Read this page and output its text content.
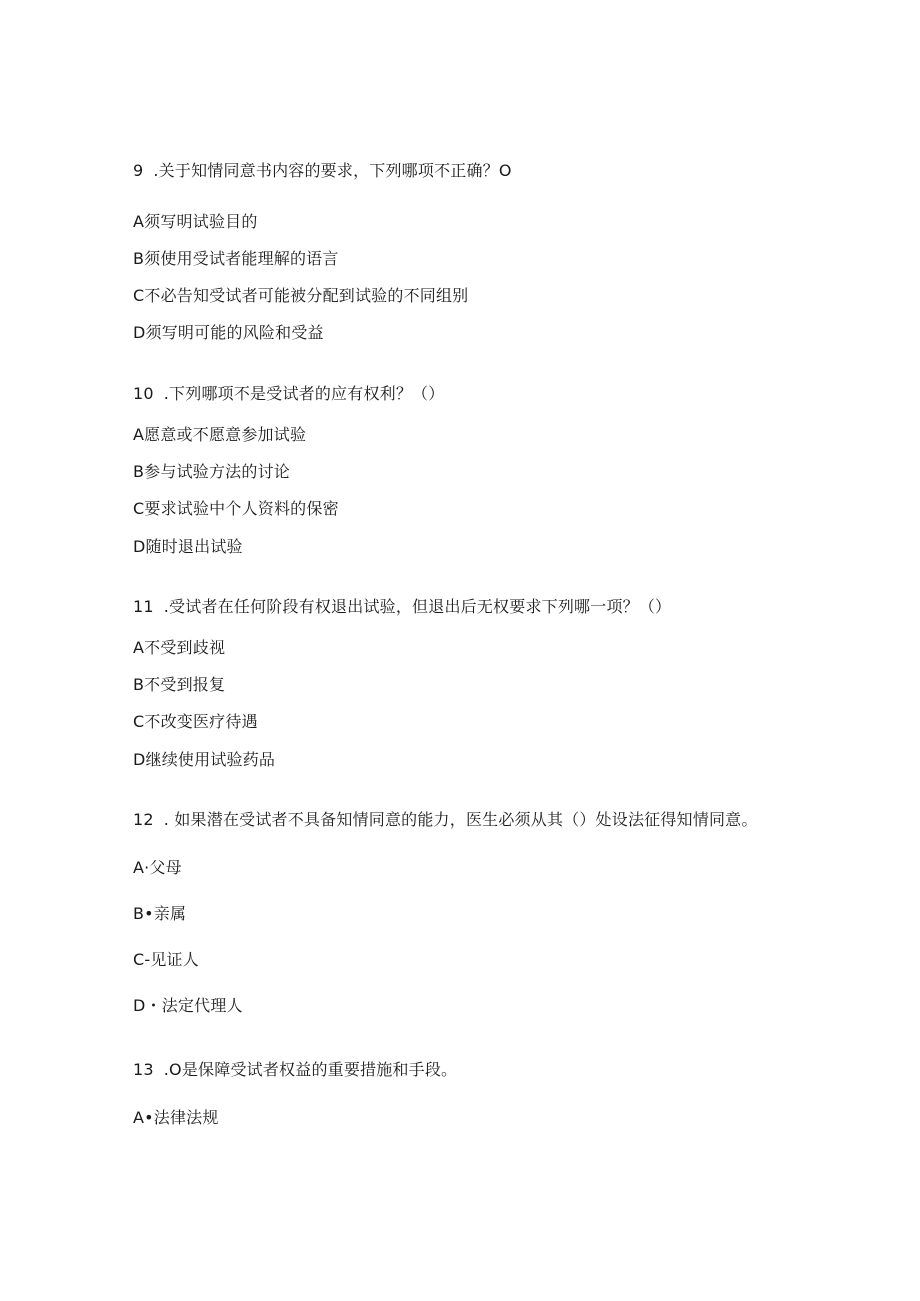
9 .关于知情同意书内容的要求，下列哪项不正确？O
A须写明试验目的
B须使用受试者能理解的语言
C不必告知受试者可能被分配到试验的不同组别
D须写明可能的风险和受益
10 .下列哪项不是受试者的应有权利？（）
A愿意或不愿意参加试验
B参与试验方法的讨论
C要求试验中个人资料的保密
D随时退出试验
11 .受试者在任何阶段有权退出试验，但退出后无权要求下列哪一项？（）
A不受到歧视
B不受到报复
C不改变医疗待遇
D继续使用试验药品
12 . 如果潜在受试者不具备知情同意的能力，医生必须从其（）处设法征得知情同意。
A·父母
B•亲属
C-见证人
D・法定代理人
13 .O是保障受试者权益的重要措施和手段。
A•法律法规
